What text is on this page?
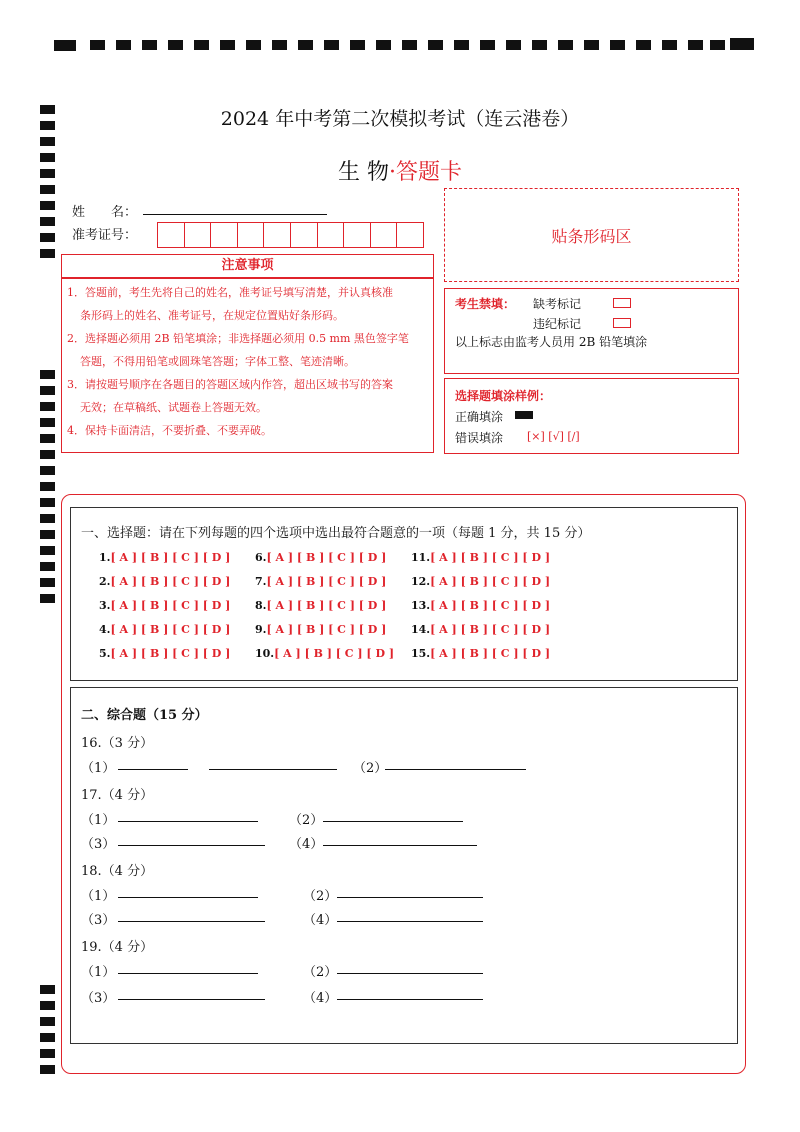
2024 年中考第二次模拟考试（连云港卷）
生 物·答题卡
姓　　名：
准考证号：	贴条形码区
注意事项
1．答题前，考生先将自己的姓名，准考证号填写清楚，并认真核准
条形码上的姓名、准考证号，在规定位置贴好条形码。
2．选择题必须用 2B 铅笔填涂；非选择题必须用 0.5 mm 黑色签字笔
答题，不得用铅笔或圆珠笔答题；字体工整、笔迹清晰。
3．请按题号顺序在各题目的答题区域内作答，超出区域书写的答案
无效；在草稿纸、试题卷上答题无效。
4．保持卡面清洁，不要折叠、不要弄破。
考生禁填： 缺考标记
违纪标记
以上标志由监考人员用 2B 铅笔填涂
选择题填涂样例：
正确填涂
错误填涂 [×] [√] [/]
一、选择题：请在下列每题的四个选项中选出最符合题意的一项（每题 1 分，共 15 分）
1.[ A ] [ B ] [ C ] [ D ]
2.[ A ] [ B ] [ C ] [ D ]
3.[ A ] [ B ] [ C ] [ D ]
4.[ A ] [ B ] [ C ] [ D ]
5.[ A ] [ B ] [ C ] [ D ]
6.[ A ] [ B ] [ C ] [ D ]
7.[ A ] [ B ] [ C ] [ D ]
8.[ A ] [ B ] [ C ] [ D ]
9.[ A ] [ B ] [ C ] [ D ]
10.[ A ] [ B ] [ C ] [ D ]
11.[ A ] [ B ] [ C ] [ D ]
12.[ A ] [ B ] [ C ] [ D ]
13.[ A ] [ B ] [ C ] [ D ]
14.[ A ] [ B ] [ C ] [ D ]
15.[ A ] [ B ] [ C ] [ D ]
二、综合题（15 分）
16.（3 分）
（1）	（2）
17.（4 分）
（1）	（2）
（3）	（4）
18.（4 分）
（1）	（2）
（3）	（4）
19.（4 分）
（1）	（2）
（3）	（4）
